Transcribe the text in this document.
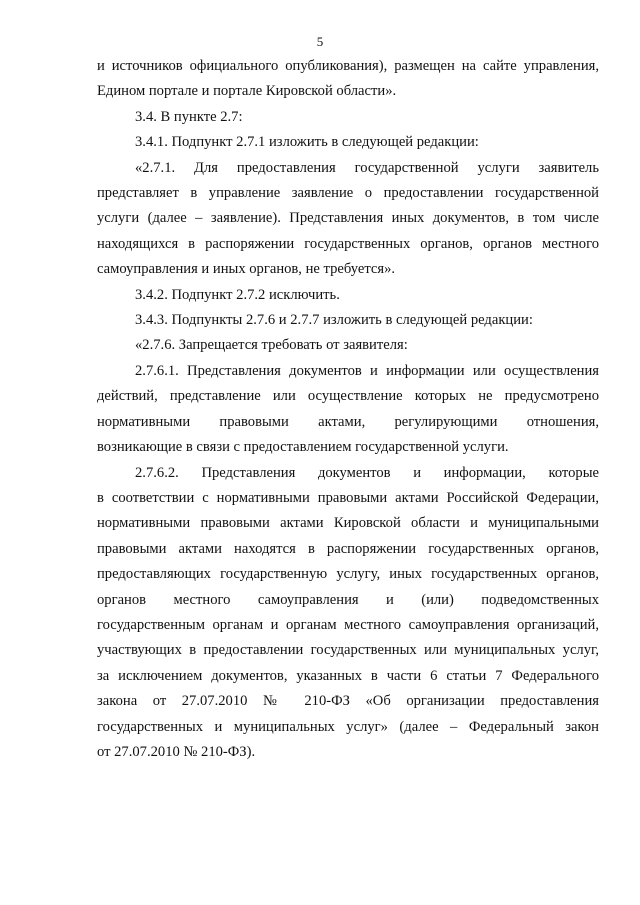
5
и источников официального опубликования), размещен на сайте управления,
Едином портале и портале Кировской области».
3.4. В пункте 2.7:
3.4.1. Подпункт 2.7.1 изложить в следующей редакции:
«2.7.1. Для предоставления государственной услуги заявитель
представляет в управление заявление о предоставлении государственной
услуги (далее – заявление). Представления иных документов, в том числе
находящихся в распоряжении государственных органов, органов местного
самоуправления и иных органов, не требуется».
3.4.2. Подпункт 2.7.2 исключить.
3.4.3. Подпункты 2.7.6 и 2.7.7 изложить в следующей редакции:
«2.7.6. Запрещается требовать от заявителя:
2.7.6.1. Представления документов и информации или осуществления
действий, представление или осуществление которых не предусмотрено
нормативными правовыми актами, регулирующими отношения,
возникающие в связи с предоставлением государственной услуги.
2.7.6.2. Представления документов и информации, которые
в соответствии с нормативными правовыми актами Российской Федерации,
нормативными правовыми актами Кировской области и муниципальными
правовыми актами находятся в распоряжении государственных органов,
предоставляющих государственную услугу, иных государственных органов,
органов местного самоуправления и (или) подведомственных
государственным органам и органам местного самоуправления организаций,
участвующих в предоставлении государственных или муниципальных услуг,
за исключением документов, указанных в части 6 статьи 7 Федерального
закона от 27.07.2010 № 210-ФЗ «Об организации предоставления
государственных и муниципальных услуг» (далее – Федеральный закон
от 27.07.2010 № 210-ФЗ).
